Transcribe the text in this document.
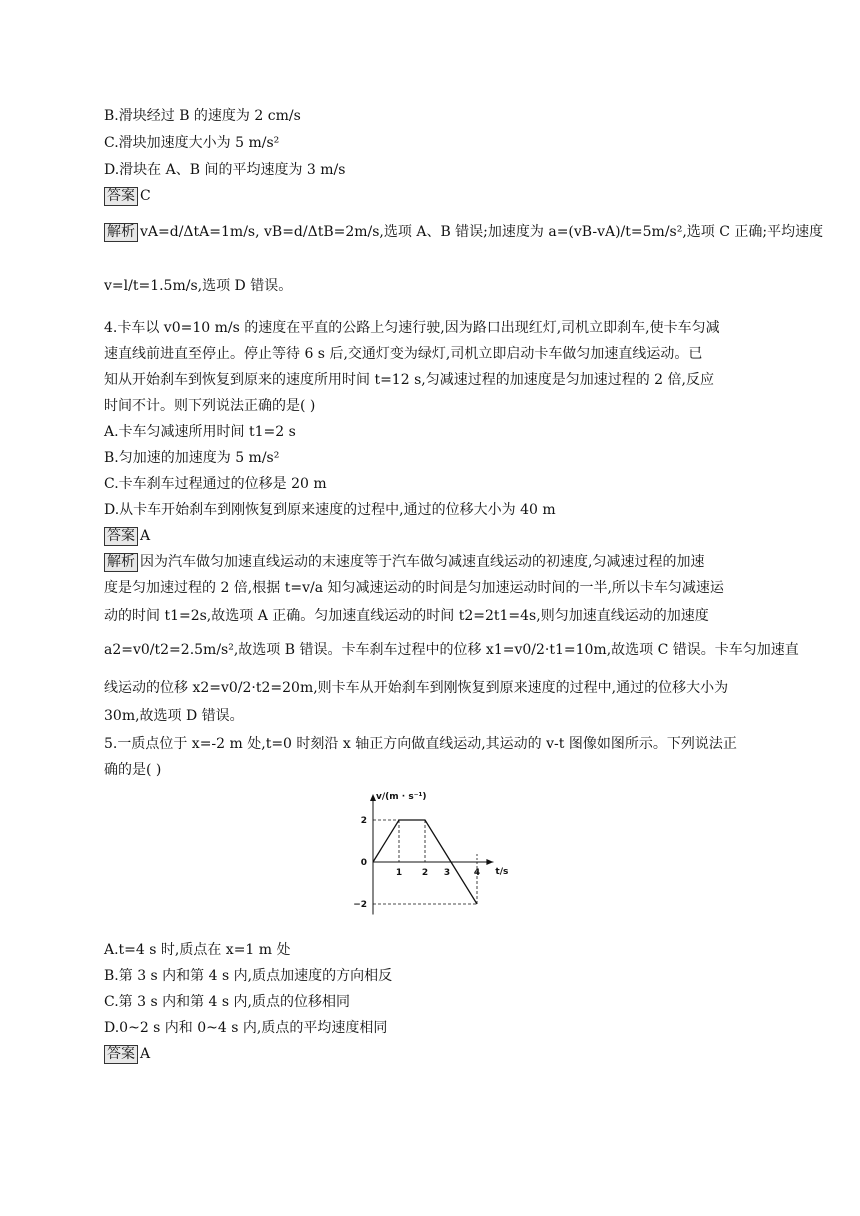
B.滑块经过 B 的速度为 2 cm/s
C.滑块加速度大小为 5 m/s²
D.滑块在 A、B 间的平均速度为 3 m/s
答案 C
解析 vA=d/ΔtA=1m/s, vB=d/ΔtB=2m/s,选项 A、B 错误;加速度为 a=(vB-vA)/t=5m/s²,选项 C 正确;平均速度
v=l/t=1.5m/s,选项 D 错误。
4.卡车以 v0=10 m/s 的速度在平直的公路上匀速行驶,因为路口出现红灯,司机立即刹车,使卡车匀减
速直线前进直至停止。停止等待 6 s 后,交通灯变为绿灯,司机立即启动卡车做匀加速直线运动。已
知从开始刹车到恢复到原来的速度所用时间 t=12 s,匀减速过程的加速度是匀加速过程的 2 倍,反应
时间不计。则下列说法正确的是( )
A.卡车匀减速所用时间 t1=2 s
B.匀加速的加速度为 5 m/s²
C.卡车刹车过程通过的位移是 20 m
D.从卡车开始刹车到刚恢复到原来速度的过程中,通过的位移大小为 40 m
答案 A
解析 因为汽车做匀加速直线运动的末速度等于汽车做匀减速直线运动的初速度,匀减速过程的加速
度是匀加速过程的 2 倍,根据 t=v/a 知匀减速运动的时间是匀加速运动时间的一半,所以卡车匀减速运
动的时间 t1=2s,故选项 A 正确。匀加速直线运动的时间 t2=2t1=4s,则匀加速直线运动的加速度
a2=v0/t2=2.5m/s²,故选项 B 错误。卡车刹车过程中的位移 x1=v0/2·t1=10m,故选项 C 错误。卡车匀加速直
线运动的位移 x2=v0/2·t2=20m,则卡车从开始刹车到刚恢复到原来速度的过程中,通过的位移大小为
30m,故选项 D 错误。
5.一质点位于 x=-2 m 处,t=0 时刻沿 x 轴正方向做直线运动,其运动的 v-t 图像如图所示。下列说法正
确的是( )
v/(m · s⁻¹)
t/s
2
0
−2
1 2 3	4
A.t=4 s 时,质点在 x=1 m 处
B.第 3 s 内和第 4 s 内,质点加速度的方向相反
C.第 3 s 内和第 4 s 内,质点的位移相同
D.0~2 s 内和 0~4 s 内,质点的平均速度相同
答案 A
